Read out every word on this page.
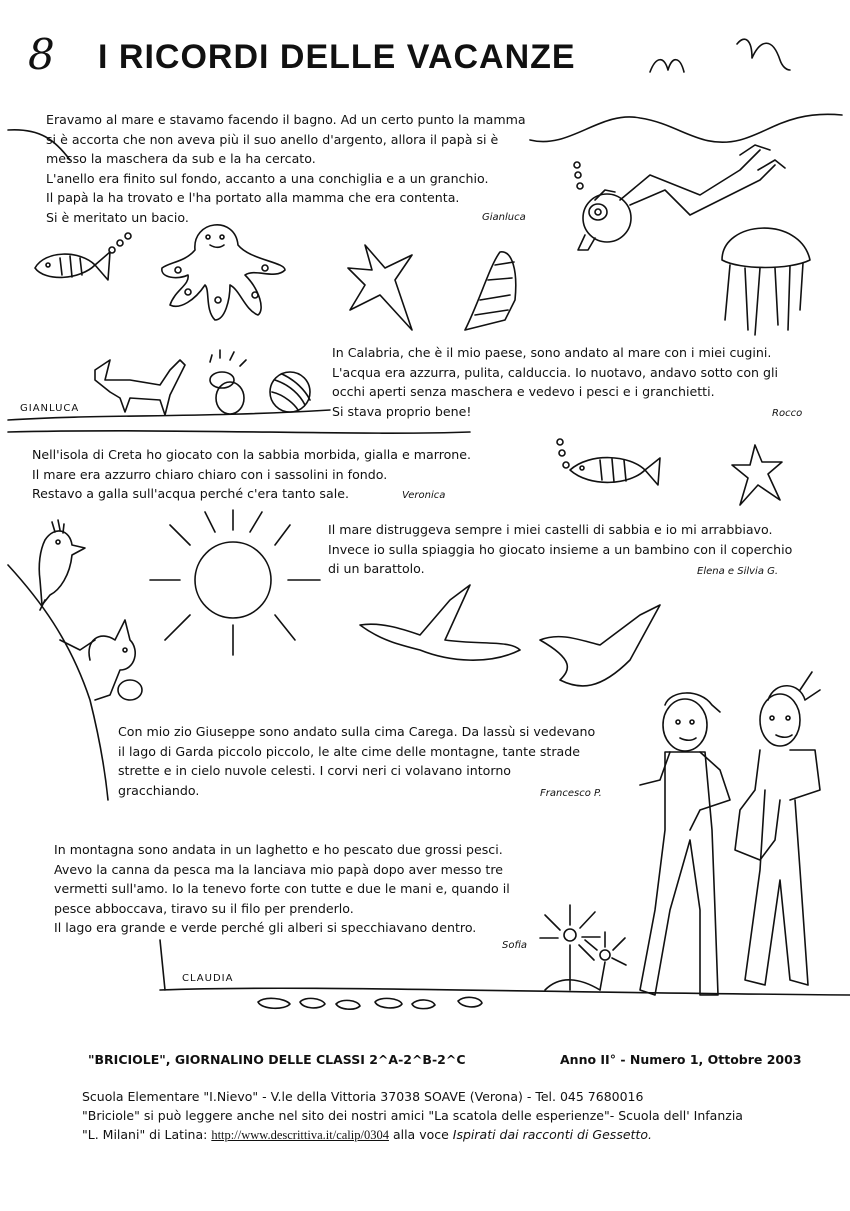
8 I RICORDI DELLE VACANZE

Eravamo al mare e stavamo facendo il bagno. Ad un certo punto la mamma

si è accorta che non aveva più il suo anello d'argento, allora il papà si è

messo la maschera da sub e la ha cercato.

L'anello era finito sul fondo, accanto a una conchiglia e a un granchio.

Il papà la ha trovato e l'ha portato alla mamma che era contenta.

Si è meritato un bacio.	Gianluca

In Calabria, che è il mio paese, sono andato al mare con i miei cugini.

L'acqua era azzurra, pulita, calduccia. Io nuotavo, andavo sotto con gli

occhi aperti senza maschera e vedevo i pesci e i granchietti.

Si stava proprio bene!	Rocco
GIANLUCA

Nell'isola di Creta ho giocato con la sabbia morbida, gialla e marrone.

Il mare era azzurro chiaro chiaro con i sassolini in fondo.

Restavo a galla sull'acqua perché c'era tanto sale.	Veronica

Il mare distruggeva sempre i miei castelli di sabbia e io mi arrabbiavo.

Invece io sulla spiaggia ho giocato insieme a un bambino con il coperchio

di un barattolo.	Elena e Silvia G.

Con mio zio Giuseppe sono andato sulla cima Carega. Da lassù si vedevano

il lago di Garda piccolo piccolo, le alte cime delle montagne, tante strade

strette e in cielo nuvole celesti. I corvi neri ci volavano intorno

gracchiando.	Francesco P.

In montagna sono andata in un laghetto e ho pescato due grossi pesci.

Avevo la canna da pesca ma la lanciava mio papà dopo aver messo tre

vermetti sull'amo. Io la tenevo forte con tutte e due le mani e, quando il

pesce abboccava, tiravo su il filo per prenderlo.

Il lago era grande e verde perché gli alberi si specchiavano dentro.

Sofia
CLAUDIA
"BRICIOLE", GIORNALINO DELLE CLASSI 2^A-2^B-2^C	Anno II° - Numero 1, Ottobre 2003

Scuola Elementare "I.Nievo" - V.le della Vittoria 37038 SOAVE (Verona) - Tel. 045 7680016

"Briciole" si può leggere anche nel sito dei nostri amici "La scatola delle esperienze"- Scuola dell' Infanzia

"L. Milani" di Latina: http://www.descrittiva.it/calip/0304 alla voce Ispirati dai racconti di Gessetto.
